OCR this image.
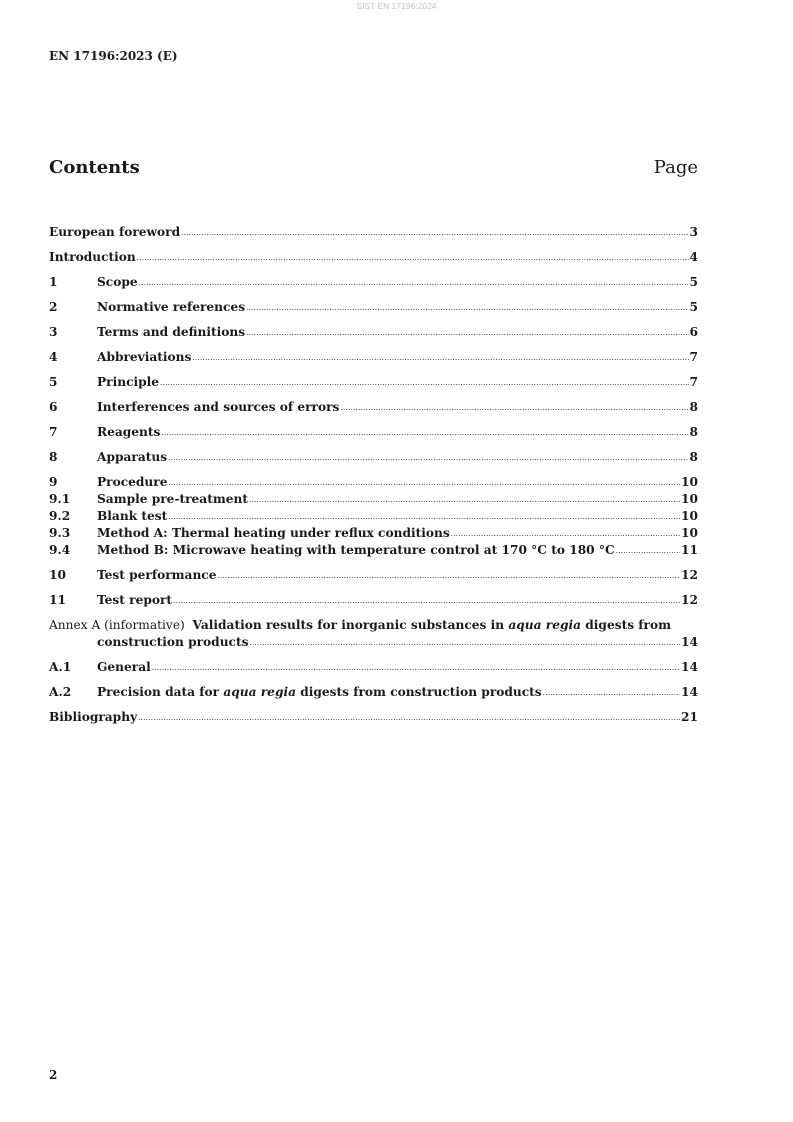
SIST EN 17196:2024
EN 17196:2023 (E)
Contents	Page
European foreword .....	3
Introduction .....	4
1	Scope .....	5
2	Normative references .....	5
3	Terms and definitions .....	6
4	Abbreviations .....	7
5	Principle .....	7
6	Interferences and sources of errors .....	8
7	Reagents .....	8
8	Apparatus .....	8
9	Procedure .....	10
9.1	Sample pre-treatment .....	10
9.2	Blank test .....	10
9.3	Method A: Thermal heating under reflux conditions .....	10
9.4	Method B: Microwave heating with temperature control at 170 °C to 180 °C .....	11
10	Test performance .....	12
11	Test report .....	12
Annex A (informative) Validation results for inorganic substances in aqua regia digests from
construction products .....	14
A.1	General .....	14
A.2	Precision data for aqua regia digests from construction products .....	14
Bibliography .....	21
2
